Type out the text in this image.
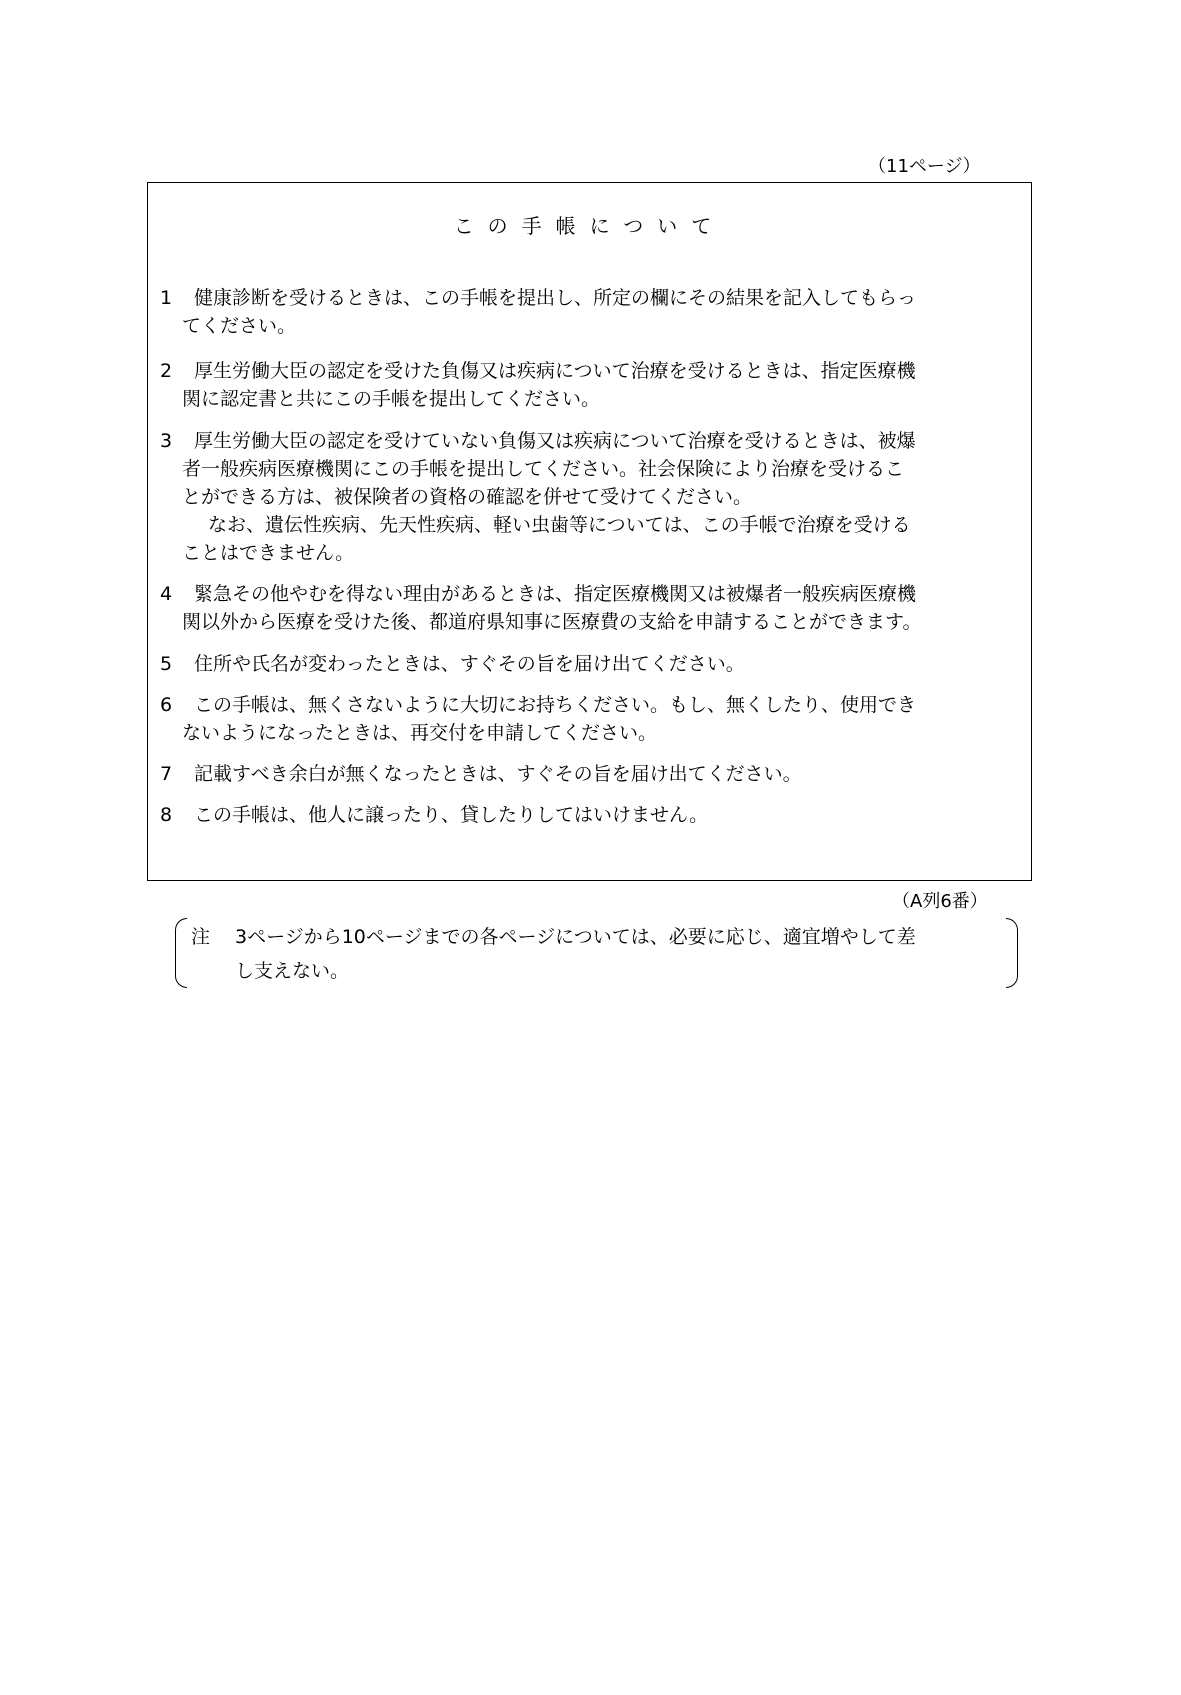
（11ページ）
この手帳について
1	健康診断を受けるときは、この手帳を提出し、所定の欄にその結果を記入してもらっ
てください。
2	厚生労働大臣の認定を受けた負傷又は疾病について治療を受けるときは、指定医療機
関に認定書と共にこの手帳を提出してください。
3	厚生労働大臣の認定を受けていない負傷又は疾病について治療を受けるときは、被爆
者一般疾病医療機関にこの手帳を提出してください。社会保険により治療を受けるこ
とができる方は、被保険者の資格の確認を併せて受けてください。
なお、遺伝性疾病、先天性疾病、軽い虫歯等については、この手帳で治療を受ける
ことはできません。
4	緊急その他やむを得ない理由があるときは、指定医療機関又は被爆者一般疾病医療機
関以外から医療を受けた後、都道府県知事に医療費の支給を申請することができます。
5	住所や氏名が変わったときは、すぐその旨を届け出てください。
6	この手帳は、無くさないように大切にお持ちください。もし、無くしたり、使用でき
ないようになったときは、再交付を申請してください。
7	記載すべき余白が無くなったときは、すぐその旨を届け出てください。
8	この手帳は、他人に譲ったり、貸したりしてはいけません。
（A列6番）
注 3ページから10ページまでの各ページについては、必要に応じ、適宜増やして差
し支えない。
